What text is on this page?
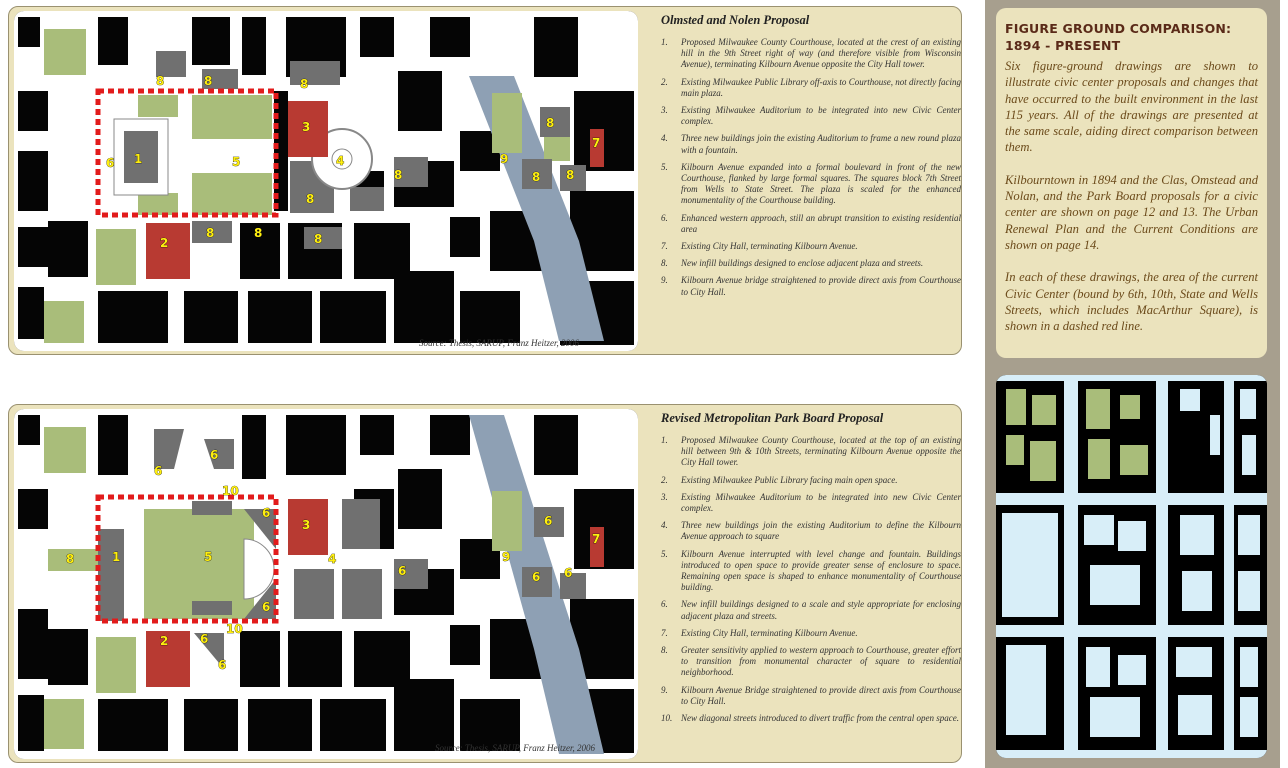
8	8	8
3
1
6	5	4
8
8
9
8 8
8
7
2
8	8	8
Source: Thesis, SARUP, Franz Heitzer, 2006
Olmsted and Nolen Proposal
1. Proposed Milwaukee County Courthouse, located at the crest of an existing hill in the 9th Street right of way (and therefore visible from Wisconsin Avenue), terminating Kilbourn Avenue opposite the City Hall tower.
2. Existing Milwaukee Public Library off-axis to Courthouse, not directly facing main plaza.
3. Existing Milwaukee Auditorium to be integrated into new Civic Center complex.
4. Three new buildings join the existing Auditorium to frame a new round plaza with a fountain.
5. Kilbourn Avenue expanded into a formal boulevard in front of the new Courthouse, flanked by large formal squares. The squares block 7th Street from Wells to State Street. The plaza is scaled for the enhanced monumentality of the Courthouse building.
6. Enhanced western approach, still an abrupt transition to existing residential area
7. Existing City Hall, terminating Kilbourn Avenue.
8. New infill buildings designed to enclose adjacent plaza and streets.
9. Kilbourn Avenue bridge straightened to provide direct axis from Courthouse to City Hall.
6
6
10
6
3
1
8	5	4
6
6
10
9
6
7
6 6
2	6
6
Source: Thesis, SARUP, Franz Heitzer, 2006
Revised Metropolitan Park Board Proposal
1. Proposed Milwaukee County Courthouse, located at the top of an existing hill between 9th & 10th Streets, terminating Kilbourn Avenue opposite the City Hall tower.
2. Existing Milwaukee Public Library facing main open space.
3. Existing Milwaukee Auditorium to be integrated into new Civic Center complex.
4. Three new buildings join the existing Auditorium to define the Kilbourn Avenue approach to square
5. Kilbourn Avenue interrupted with level change and fountain. Buildings introduced to open space to provide greater sense of enclosure to space. Remaining open space is shaped to enhance monumentality of Courthouse building.
6. New infill buildings designed to a scale and style appropriate for enclosing adjacent plaza and streets.
7. Existing City Hall, terminating Kilbourn Avenue.
8. Greater sensitivity applied to western approach to Courthouse, greater effort to transition from monumental character of square to residential neighborhood.
9. Kilbourn Avenue Bridge straightened to provide direct axis from Courthouse to City Hall.
10. New diagonal streets introduced to divert traffic from the central open space.
FIGURE GROUND COMPARISON: 1894 - PRESENT

Six figure-ground drawings are shown to illustrate civic center proposals and changes that have occurred to the built environment in the last 115 years. All of the drawings are presented at the same scale, aiding direct comparison between them.

Kilbourntown in 1894 and the Clas, Omstead and Nolan, and the Park Board proposals for a civic center are shown on page 12 and 13. The Urban Renewal Plan and the Current Conditions are shown on page 14.

In each of these drawings, the area of the current Civic Center (bound by 6th, 10th, State and Wells Streets, which includes MacArthur Square), is shown in a dashed red line.
